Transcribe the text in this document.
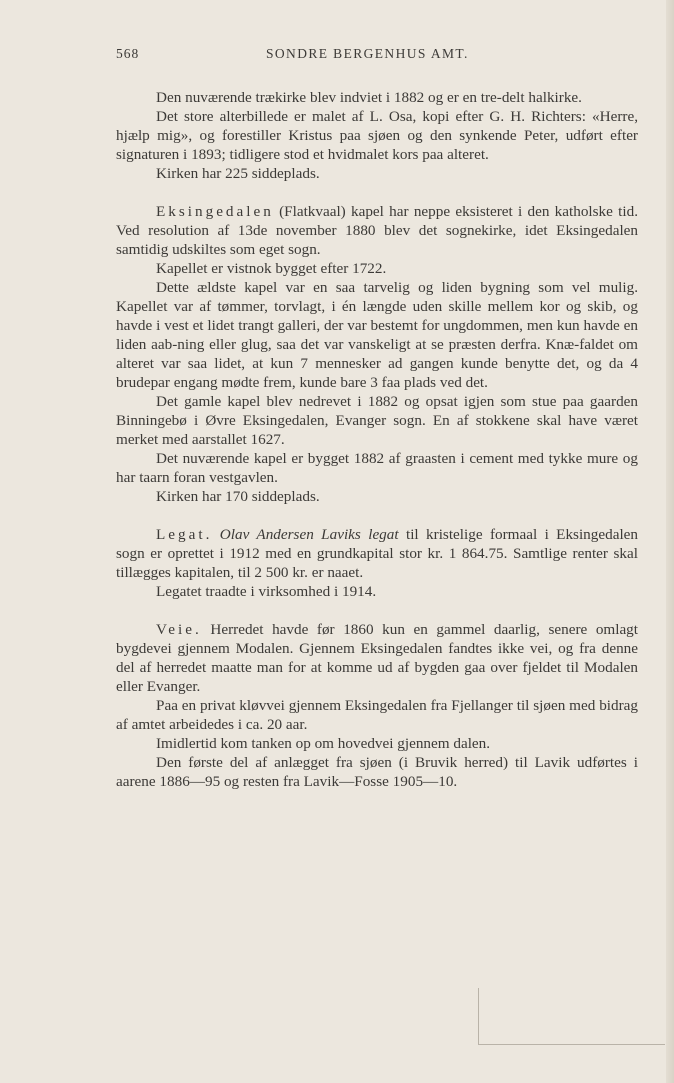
568	SONDRE BERGENHUS AMT.

Den nuværende trækirke blev indviet i 1882 og er en tre-delt halkirke.

Det store alterbillede er malet af L. Osa, kopi efter G. H. Richters: «Herre, hjælp mig», og forestiller Kristus paa sjøen og den synkende Peter, udført efter signaturen i 1893; tidligere stod et hvidmalet kors paa alteret.

Kirken har 225 siddeplads.

Eksingedalen (Flatkvaal) kapel har neppe eksisteret i den katholske tid. Ved resolution af 13de november 1880 blev det sognekirke, idet Eksingedalen samtidig udskiltes som eget sogn.

Kapellet er vistnok bygget efter 1722.

Dette ældste kapel var en saa tarvelig og liden bygning som vel mulig. Kapellet var af tømmer, torvlagt, i én længde uden skille mellem kor og skib, og havde i vest et lidet trangt galleri, der var bestemt for ungdommen, men kun havde en liden aab-ning eller glug, saa det var vanskeligt at se præsten derfra. Knæ-faldet om alteret var saa lidet, at kun 7 mennesker ad gangen kunde benytte det, og da 4 brudepar engang mødte frem, kunde bare 3 faa plads ved det.

Det gamle kapel blev nedrevet i 1882 og opsat igjen som stue paa gaarden Binningebø i Øvre Eksingedalen, Evanger sogn. En af stokkene skal have været merket med aarstallet 1627.

Det nuværende kapel er bygget 1882 af graasten i cement med tykke mure og har taarn foran vestgavlen.

Kirken har 170 siddeplads.

Legat. Olav Andersen Laviks legat til kristelige formaal i Eksingedalen sogn er oprettet i 1912 med en grundkapital stor kr. 1 864.75. Samtlige renter skal tillægges kapitalen, til 2 500 kr. er naaet.

Legatet traadte i virksomhed i 1914.

Veie. Herredet havde før 1860 kun en gammel daarlig, senere omlagt bygdevei gjennem Modalen. Gjennem Eksingedalen fandtes ikke vei, og fra denne del af herredet maatte man for at komme ud af bygden gaa over fjeldet til Modalen eller Evanger.

Paa en privat kløvvei gjennem Eksingedalen fra Fjellanger til sjøen med bidrag af amtet arbeidedes i ca. 20 aar.

Imidlertid kom tanken op om hovedvei gjennem dalen.

Den første del af anlægget fra sjøen (i Bruvik herred) til Lavik udførtes i aarene 1886—95 og resten fra Lavik—Fosse 1905—10.
